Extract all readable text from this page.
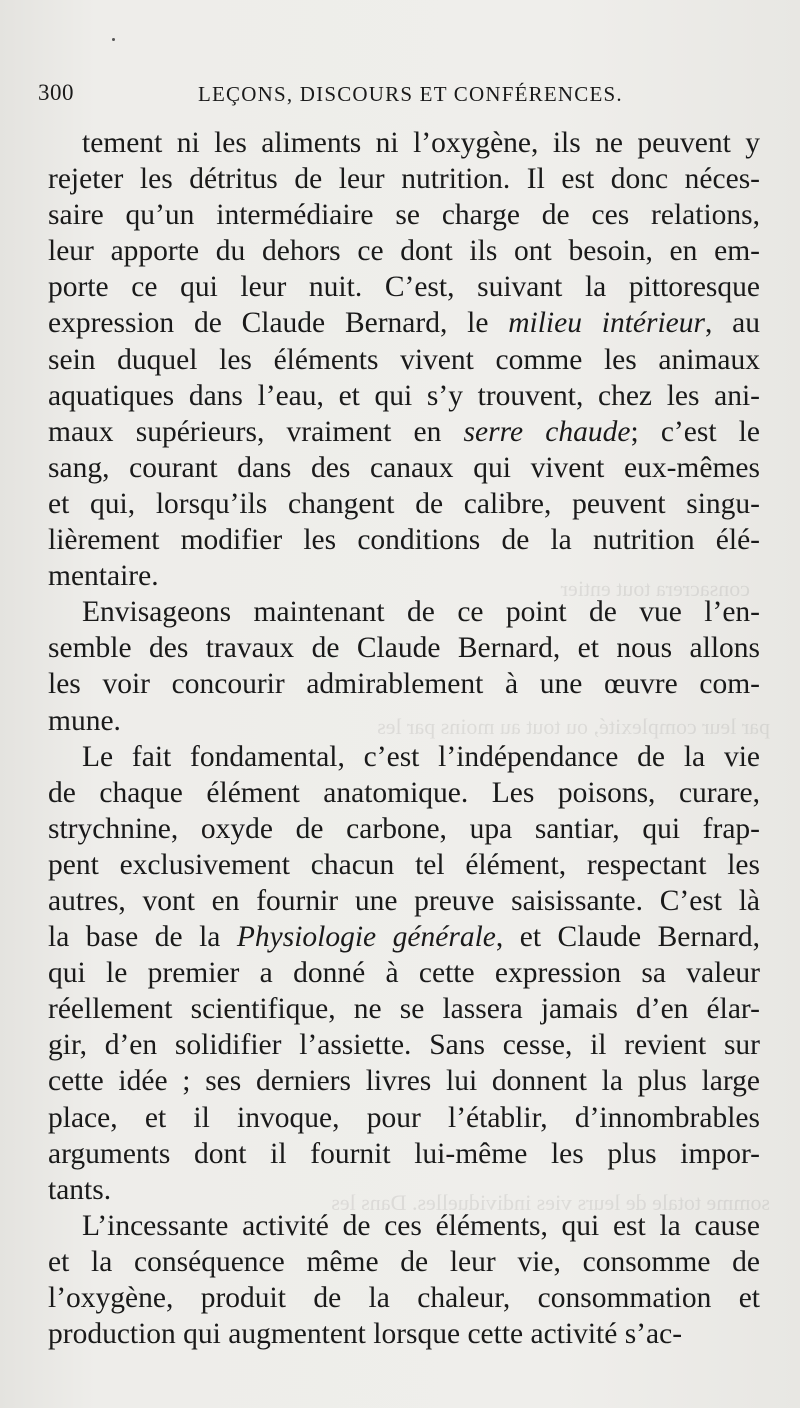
300	LEÇONS, DISCOURS ET CONFÉRENCES.
consacrera tout entier
par leur complexité, ou tout au moins par les
somme totale de leurs vies individuelles. Dans les
tement ni les aliments ni l’oxygène, ils ne peuvent y
rejeter les détritus de leur nutrition. Il est donc néces-
saire qu’un intermédiaire se charge de ces relations,
leur apporte du dehors ce dont ils ont besoin, en em-
porte ce qui leur nuit. C’est, suivant la pittoresque
expression de Claude Bernard, le milieu intérieur, au
sein duquel les éléments vivent comme les animaux
aquatiques dans l’eau, et qui s’y trouvent, chez les ani-
maux supérieurs, vraiment en serre chaude; c’est le
sang, courant dans des canaux qui vivent eux-mêmes
et qui, lorsqu’ils changent de calibre, peuvent singu-
lièrement modifier les conditions de la nutrition élé-
mentaire.
Envisageons maintenant de ce point de vue l’en-
semble des travaux de Claude Bernard, et nous allons
les voir concourir admirablement à une œuvre com-
mune.
Le fait fondamental, c’est l’indépendance de la vie
de chaque élément anatomique. Les poisons, curare,
strychnine, oxyde de carbone, upa santiar, qui frap-
pent exclusivement chacun tel élément, respectant les
autres, vont en fournir une preuve saisissante. C’est là
la base de la Physiologie générale, et Claude Bernard,
qui le premier a donné à cette expression sa valeur
réellement scientifique, ne se lassera jamais d’en élar-
gir, d’en solidifier l’assiette. Sans cesse, il revient sur
cette idée ; ses derniers livres lui donnent la plus large
place, et il invoque, pour l’établir, d’innombrables
arguments dont il fournit lui-même les plus impor-
tants.
L’incessante activité de ces éléments, qui est la cause
et la conséquence même de leur vie, consomme de
l’oxygène, produit de la chaleur, consommation et
production qui augmentent lorsque cette activité s’ac-
